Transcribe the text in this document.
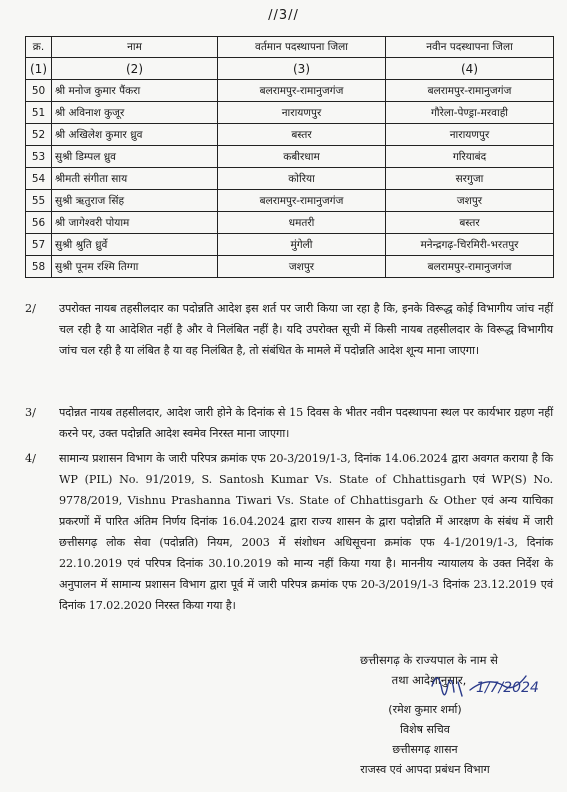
//3//
क्र.	नाम	वर्तमान पदस्थापना जिला	नवीन पदस्थापना जिला
(1)	(2)	(3)	(4)
50	श्री मनोज कुमार पैंकरा	बलरामपुर-रामानुजगंज	बलरामपुर-रामानुजगंज
51	श्री अविनाश कुजूर	नारायणपुर	गौरेला-पेण्ड्रा-मरवाही
52	श्री अखिलेश कुमार ध्रुव	बस्तर	नारायणपुर
53	सुश्री डिम्पल ध्रुव	कबीरधाम	गरियाबंद
54	श्रीमती संगीता साय	कोरिया	सरगुजा
55	सुश्री ऋतुराज सिंह	बलरामपुर-रामानुजगंज	जशपुर
56	श्री जागेश्वरी पोयाम	धमतरी	बस्तर
57	सुश्री श्रुति ध्रुर्वे	मुंगेली	मनेन्द्रगढ़-चिरमिरी-भरतपुर
58	सुश्री पूनम रश्मि तिग्गा	जशपुर	बलरामपुर-रामानुजगंज
2/	उपरोक्त नायब तहसीलदार का पदोन्नति आदेश इस शर्त पर जारी किया जा रहा है कि, इनके विरूद्ध कोई विभागीय जांच नहीं चल रही है या आदेशित नहीं है और वे निलंबित नहीं है। यदि उपरोक्त सूची में किसी नायब तहसीलदार के विरूद्ध विभागीय जांच चल रही है या लंबित है या वह निलंबित है, तो संबंधित के मामले में पदोन्नति आदेश शून्य माना जाएगा।
3/	पदोन्नत नायब तहसीलदार, आदेश जारी होने के दिनांक से 15 दिवस के भीतर नवीन पदस्थापना स्थल पर कार्यभार ग्रहण नहीं करने पर, उक्त पदोन्नति आदेश स्वमेव निरस्त माना जाएगा।
4/	सामान्य प्रशासन विभाग के जारी परिपत्र क्रमांक एफ 20-3/2019/1-3, दिनांक 14.06.2024 द्वारा अवगत कराया है कि WP (PIL) No. 91/2019, S. Santosh Kumar Vs. State of Chhattisgarh एवं WP(S) No. 9778/2019, Vishnu Prashanna Tiwari Vs. State of Chhattisgarh & Other एवं अन्य याचिका प्रकरणों में पारित अंतिम निर्णय दिनांक 16.04.2024 द्वारा राज्य शासन के द्वारा पदोन्नति में आरक्षण के संबंध में जारी छत्तीसगढ़ लोक सेवा (पदोन्नति) नियम, 2003 में संशोधन अधिसूचना क्रमांक एफ 4-1/2019/1-3, दिनांक 22.10.2019 एवं परिपत्र दिनांक 30.10.2019 को मान्य नहीं किया गया है। माननीय न्यायालय के उक्त निर्देश के अनुपालन में सामान्य प्रशासन विभाग द्वारा पूर्व में जारी परिपत्र क्रमांक एफ 20-3/2019/1-3 दिनांक 23.12.2019 एवं दिनांक 17.02.2020 निरस्त किया गया है।
छत्तीसगढ़ के राज्यपाल के नाम से
तथा आदेशानुसार, 1/7/2024
(रमेश कुमार शर्मा)
विशेष सचिव
छत्तीसगढ़ शासन
राजस्व एवं आपदा प्रबंधन विभाग
